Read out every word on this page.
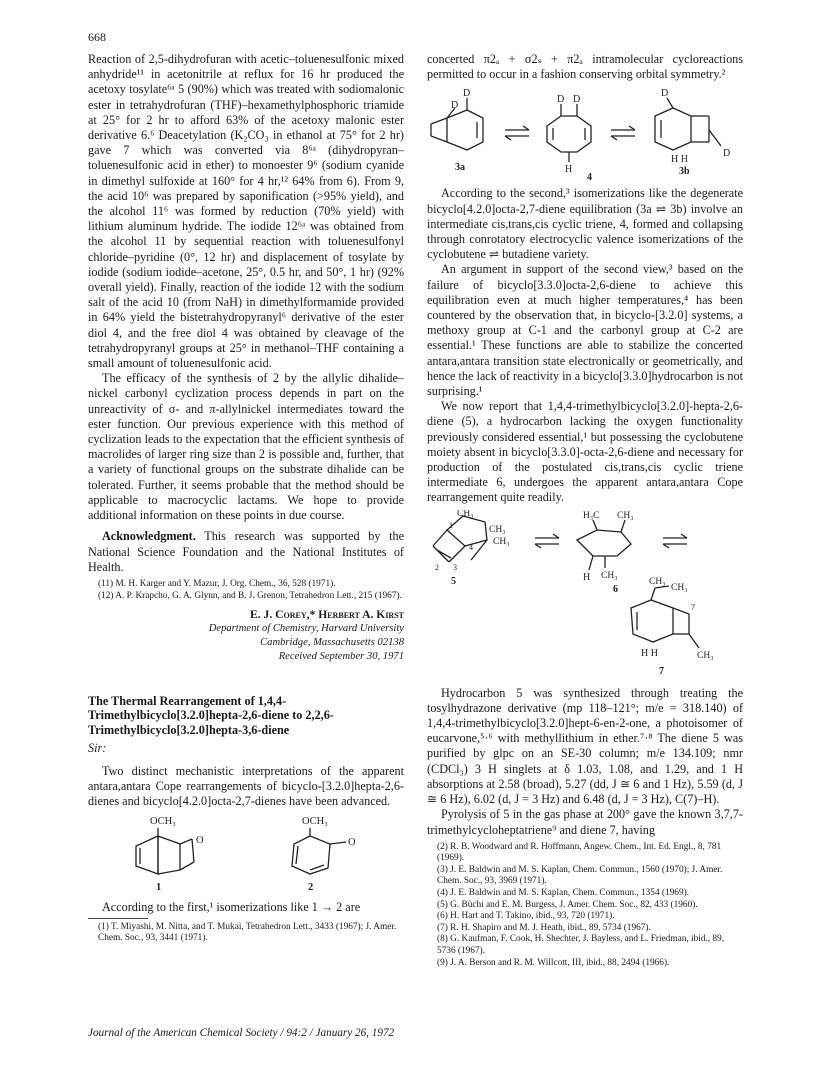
668

Reaction of 2,5-dihydrofuran with acetic–toluenesulfonic mixed anhydride¹¹ in acetonitrile at reflux for 16 hr produced the acetoxy tosylate⁶ᵃ 5 (90%) which was treated with sodiomalonic ester in tetrahydrofuran (THF)–hexamethylphosphoric triamide at 25° for 2 hr to afford 63% of the acetoxy malonic ester derivative 6.⁶ Deacetylation (K₂CO₃ in ethanol at 75° for 2 hr) gave 7 which was converted via 8⁶ᵃ (dihydropyran–toluenesulfonic acid in ether) to monoester 9⁶ (sodium cyanide in dimethyl sulfoxide at 160° for 4 hr,¹² 64% from 6). From 9, the acid 10⁶ was prepared by saponification (>95% yield), and the alcohol 11⁶ was formed by reduction (70% yield) with lithium aluminum hydride. The iodide 12⁶ᵃ was obtained from the alcohol 11 by sequential reaction with toluenesulfonyl chloride–pyridine (0°, 12 hr) and displacement of tosylate by iodide (sodium iodide–acetone, 25°, 0.5 hr, and 50°, 1 hr) (92% overall yield). Finally, reaction of the iodide 12 with the sodium salt of the acid 10 (from NaH) in dimethylformamide provided in 64% yield the bistetrahydropyranyl⁶ derivative of the ester diol 4, and the free diol 4 was obtained by cleavage of the tetrahydropyranyl groups at 25° in methanol–THF containing a small amount of toluenesulfonic acid.

The efficacy of the synthesis of 2 by the allylic dihalide–nickel carbonyl cyclization process depends in part on the unreactivity of σ- and π-allylnickel intermediates toward the ester function. Our previous experience with this method of cyclization leads to the expectation that the efficient synthesis of macrolides of larger ring size than 2 is possible and, further, that a variety of functional groups on the substrate dihalide can be tolerated. Further, it seems probable that the method should be applicable to macrocyclic lactams. We hope to provide additional information on these points in due course.

Acknowledgment. This research was supported by the National Science Foundation and the National Institutes of Health.

(11) M. H. Karger and Y. Mazur, J. Org. Chem., 36, 528 (1971).

(12) A. P. Krapcho, G. A. Glynn, and B. J. Grenon, Tetrahedron Lett., 215 (1967).

E. J. Corey,* Herbert A. Kirst
Department of Chemistry, Harvard University
Cambridge, Massachusetts 02138
Received September 30, 1971

The Thermal Rearrangement of 1,4,4-Trimethylbicyclo[3.2.0]hepta-2,6-diene to 2,2,6-Trimethylbicyclo[3.2.0]hepta-3,6-diene

Sir:

Two distinct mechanistic interpretations of the apparent antara,antara Cope rearrangements of bicyclo-[3.2.0]hepta-2,6-dienes and bicyclo[4.2.0]octa-2,7-dienes have been advanced.

OCH₃
O
1
OCH₃
O
2

According to the first,¹ isomerizations like 1 → 2 are

(1) T. Miyashi, M. Nitta, and T. Mukai, Tetrahedron Lett., 3433 (1967); J. Amer. Chem. Soc., 93, 3441 (1971).

concerted π2ₐ + σ2ₛ + π2ₐ intramolecular cycloreactions permitted to occur in a fashion conserving orbital symmetry.²

D
D
3a
D D
H
4
D
D
H H
3b

According to the second,³ isomerizations like the degenerate bicyclo[4.2.0]octa-2,7-diene equilibration (3a ⇌ 3b) involve an intermediate cis,trans,cis cyclic triene, 4, formed and collapsing through conrotatory electrocyclic valence isomerizations of the cyclobutene ⇌ butadiene variety.

An argument in support of the second view,³ based on the failure of bicyclo[3.3.0]octa-2,6-diene to achieve this equilibration even at much higher temperatures,⁴ has been countered by the observation that, in bicyclo-[3.2.0] systems, a methoxy group at C-1 and the carbonyl group at C-2 are essential.¹ These functions are able to stabilize the concerted antara,antara transition state electronically or geometrically, and hence the lack of reactivity in a bicyclo[3.3.0]hydrocarbon is not surprising.¹

We now report that 1,4,4-trimethylbicyclo[3.2.0]-hepta-2,6-diene (5), a hydrocarbon lacking the oxygen functionality previously considered essential,¹ but possessing the cyclobutene moiety absent in bicyclo[3.3.0]-octa-2,6-diene and necessary for production of the postulated cis,trans,cis cyclic triene intermediate 6, undergoes the apparent antara,antara Cope rearrangement quite readily.

CH₃
CH₃
CH₃
2 3
4
1
5
H₃C CH₃
CH₃
H
6
CH₃
CH₃
7
CH₃
H H
7

Hydrocarbon 5 was synthesized through treating the tosylhydrazone derivative (mp 118–121°; m/e = 318.140) of 1,4,4-trimethylbicyclo[3.2.0]hept-6-en-2-one, a photoisomer of eucarvone,⁵·⁶ with methyllithium in ether.⁷·⁸ The diene 5 was purified by glpc on an SE-30 column; m/e 134.109; nmr (CDCl₃) 3 H singlets at δ 1.03, 1.08, and 1.29, and 1 H absorptions at 2.58 (broad), 5.27 (dd, J ≅ 6 and 1 Hz), 5.59 (d, J ≅ 6 Hz), 6.02 (d, J = 3 Hz) and 6.48 (d, J = 3 Hz), C(7)–H).

Pyrolysis of 5 in the gas phase at 200° gave the known 3,7,7-trimethylcycloheptatriene⁹ and diene 7, having

(2) R. B. Woodward and R. Hoffmann, Angew. Chem., Int. Ed. Engl., 8, 781 (1969).

(3) J. E. Baldwin and M. S. Kaplan, Chem. Commun., 1560 (1970); J. Amer. Chem. Soc., 93, 3969 (1971).

(4) J. E. Baldwin and M. S. Kaplan, Chem. Commun., 1354 (1969).

(5) G. Büchi and E. M. Burgess, J. Amer. Chem. Soc., 82, 433 (1960).

(6) H. Hart and T. Takino, ibid., 93, 720 (1971).

(7) R. H. Shapiro and M. J. Heath, ibid., 89, 5734 (1967).

(8) G. Kaufman, F. Cook, H. Shechter, J. Bayless, and L. Friedman, ibid., 89, 5736 (1967).

(9) J. A. Berson and R. M. Willcott, III, ibid., 88, 2494 (1966).

Journal of the American Chemical Society / 94:2 / January 26, 1972
